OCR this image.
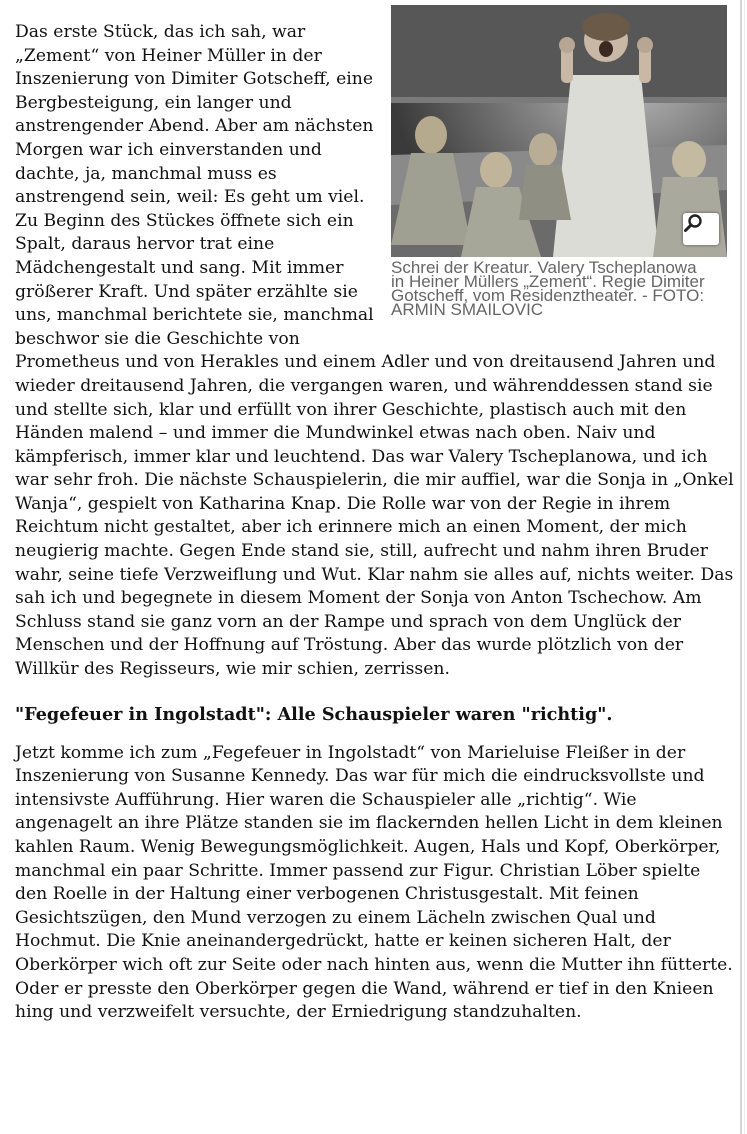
Schrei der Kreatur. Valery Tscheplanowa in Heiner Müllers „Zement“. Regie Dimiter Gotscheff, vom Residenztheater. - FOTO: ARMIN SMAILOVIC

Das erste Stück, das ich sah, war „Zement“ von Heiner Müller in der Inszenierung von Dimiter Gotscheff, eine Bergbesteigung, ein langer und anstrengender Abend. Aber am nächsten Morgen war ich einverstanden und dachte, ja, manchmal muss es anstrengend sein, weil: Es geht um viel. Zu Beginn des Stückes öffnete sich ein Spalt, daraus hervor trat eine Mädchengestalt und sang. Mit immer größerer Kraft. Und später erzählte sie uns, manchmal berichtete sie, manchmal beschwor sie die Geschichte von Prometheus und von Herakles und einem Adler und von dreitausend Jahren und wieder dreitausend Jahren, die vergangen waren, und währenddessen stand sie und stellte sich, klar und erfüllt von ihrer Geschichte, plastisch auch mit den Händen malend – und immer die Mundwinkel etwas nach oben. Naiv und kämpferisch, immer klar und leuchtend. Das war Valery Tscheplanowa, und ich war sehr froh. Die nächste Schauspielerin, die mir auffiel, war die Sonja in „Onkel Wanja“, gespielt von Katharina Knap. Die Rolle war von der Regie in ihrem Reichtum nicht gestaltet, aber ich erinnere mich an einen Moment, der mich neugierig machte. Gegen Ende stand sie, still, aufrecht und nahm ihren Bruder wahr, seine tiefe Verzweiflung und Wut. Klar nahm sie alles auf, nichts weiter. Das sah ich und begegnete in diesem Moment der Sonja von Anton Tschechow. Am Schluss stand sie ganz vorn an der Rampe und sprach von dem Unglück der Menschen und der Hoffnung auf Tröstung. Aber das wurde plötzlich von der Willkür des Regisseurs, wie mir schien, zerrissen.

"Fegefeuer in Ingolstadt": Alle Schauspieler waren "richtig".

Jetzt komme ich zum „Fegefeuer in Ingolstadt“ von Marieluise Fleißer in der Inszenierung von Susanne Kennedy. Das war für mich die eindrucksvollste und intensivste Aufführung. Hier waren die Schauspieler alle „richtig“. Wie angenagelt an ihre Plätze standen sie im flackernden hellen Licht in dem kleinen kahlen Raum. Wenig Bewegungsmöglichkeit. Augen, Hals und Kopf, Oberkörper, manchmal ein paar Schritte. Immer passend zur Figur. Christian Löber spielte den Roelle in der Haltung einer verbogenen Christusgestalt. Mit feinen Gesichtszügen, den Mund verzogen zu einem Lächeln zwischen Qual und Hochmut. Die Knie aneinandergedrückt, hatte er keinen sicheren Halt, der Oberkörper wich oft zur Seite oder nach hinten aus, wenn die Mutter ihn fütterte. Oder er presste den Oberkörper gegen die Wand, während er tief in den Knieen hing und verzweifelt versuchte, der Erniedrigung standzuhalten.
